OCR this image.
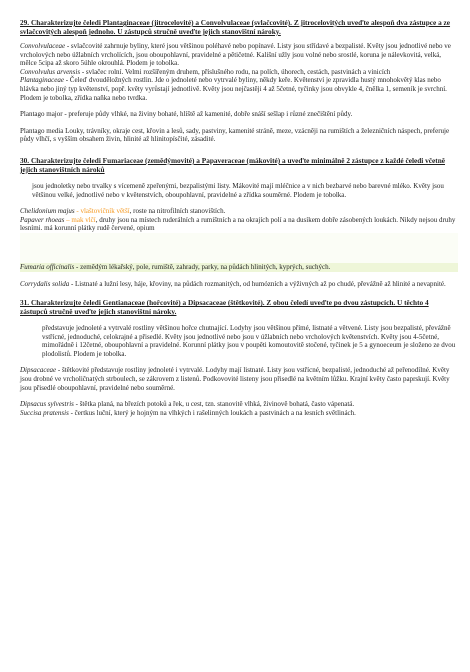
29. Charakterizujte čeledi Plantaginaceae (jitrocelovité) a Convolvulaceae (svlačcovité). Z jitrocelovitých uveďte alespoň dva zástupce a ze svlačcovitých alespoň jednoho. U zástupců stručně uveďte jejich stanovištní nároky.

Convolvulaceae - svlačcovité zahrnuje byliny, které jsou většinou poléhavé nebo popínavé. Listy jsou střídavé a bezpalisté. Květy jsou jednotlivé nebo ve vrcholových nebo úžlabních vrcholících, jsou oboupohlavní, pravidelné a pětičetné. Kališní užly jsou volné nebo srostlé, koruna je nálevkovitá, velká, mělce 5cipa až skoro 5úhle okrouhlá. Plodem je tobolka.

Convolvulus arvensis - svlačec rolní. Velmi rozšířeným druhem, příslušného rodu, na polích, úhorech, cestách, pastvinách a vinicích

Plantaginaceae - Čeleď dvouděložných rostlin. Jde o jednoleté nebo vytrvalé byliny, někdy keře. Květenství je zpravidla hustý mnohokvětý klas nebo hlávka nebo jiný typ květenství, popř. květy vyrůstají jednotlivě. Květy jsou nejčastěji 4 až 5četné, tyčinky jsou obvykle 4, čnělka 1, semeník je svrchní. Plodem je tobolka, zřídka naňka nebo tvrdka.

Plantago major - preferuje půdy vlhké, na živiny bohaté, hlíště až kamenité, dobře snáší sešlap i různé znečištění půdy.

Plantago media Louky, trávníky, okraje cest, křovin a lesů, sady, pastviny, kamenité stráně, meze, vzácněji na rumištích a železničních náspech, preferuje půdy vlhčí, s vyšším obsahem živin, hlinité až hlinitopísčité, zásadité.

30. Charakterizujte čeledi Fumariaceae (zemědýmovité) a Papaveraceae (mákovité) a uveďte minimálně 2 zástupce z každé čeledi včetně jejich stanovištních nároků

jsou jednoletky nebo trvalky s vícemeně zpeřenými, bezpalistými listy. Mákovité mají mléčnice a v nich bezbarvé nebo barevné mléko. Květy jsou většinou velké, jednotlivé nebo v květenstvích, oboupohlavní, pravidelné a zřídka souměrné. Plodem je tobolka.

Chelidonium majus - vlaštovičník větší, roste na nitrofilních stanovištích.

Papaver rhoeas – mak vlčí, druhy jsou na místech ruderálních a rumištních a na okrajích polí a na dusíkem dobře zásobených loukách. Nikdy nejsou druhy lesními. má korunní plátky rudě červené, opium

Fumaria officinalis - zemědým lékařský, pole, rumiště, zahrady, parky, na půdách hlinitých, kyprých, suchých.

Corrydalis solida - Listnaté a lužní lesy, háje, křoviny, na půdách rozmanitých, od humózních a výživných až po chudé, převážně až hlinité a nevapnité.

31. Charakterizujte čeledi Gentianaceae (hořcovité) a Dipsacaceae (štětkovité). Z obou čeledí uveďte po dvou zástupcích. U těchto 4 zástupců stručně uveďte jejich stanovištní nároky.

představuje jednoleté a vytrvalé rostliny většinou hořce chutnající. Lodyhy jsou většinou přímé, listnaté a větvené. Listy jsou bezpalisté, převážně vstřícné, jednoduché, celokrajné a přisedlé. Květy jsou jednotlivé nebo jsou v úžlabních nebo vrcholových květenstvích. Květy jsou 4-5četné, mimořádně i 12četné, oboupohlavní a pravidelné. Korunní plátky jsou v poupěti komoutovitě stočené, tyčinek je 5 a gynoeceum je složeno ze dvou plodolistů. Plodem je tobolka.

Dipsacaceae - štětkovité představuje rostliny jednoleté i vytrvalé. Lodyhy mají listnaté. Listy jsou vstřícné, bezpalisté, jednoduché až peřenodílné. Květy jsou drobné ve vrcholičnatých strboulech, se zákrovem z listenů. Podkovovité listeny jsou přisedlé na květním lůžku. Krajní květy často paprskují. Květy jsou přisedlé oboupohlavní, pravidelné nebo souměrné.

Dipsacus sylvestris - štětka planá, na březích potoků a řek, u cest, tzn. stanovitě vlhká, živinově bohatá, často vápenatá.

Succisa pratensis - čertkus luční, který je hojným na vlhkých i rašelinných loukách a pastvinách a na lesních světlinách.
